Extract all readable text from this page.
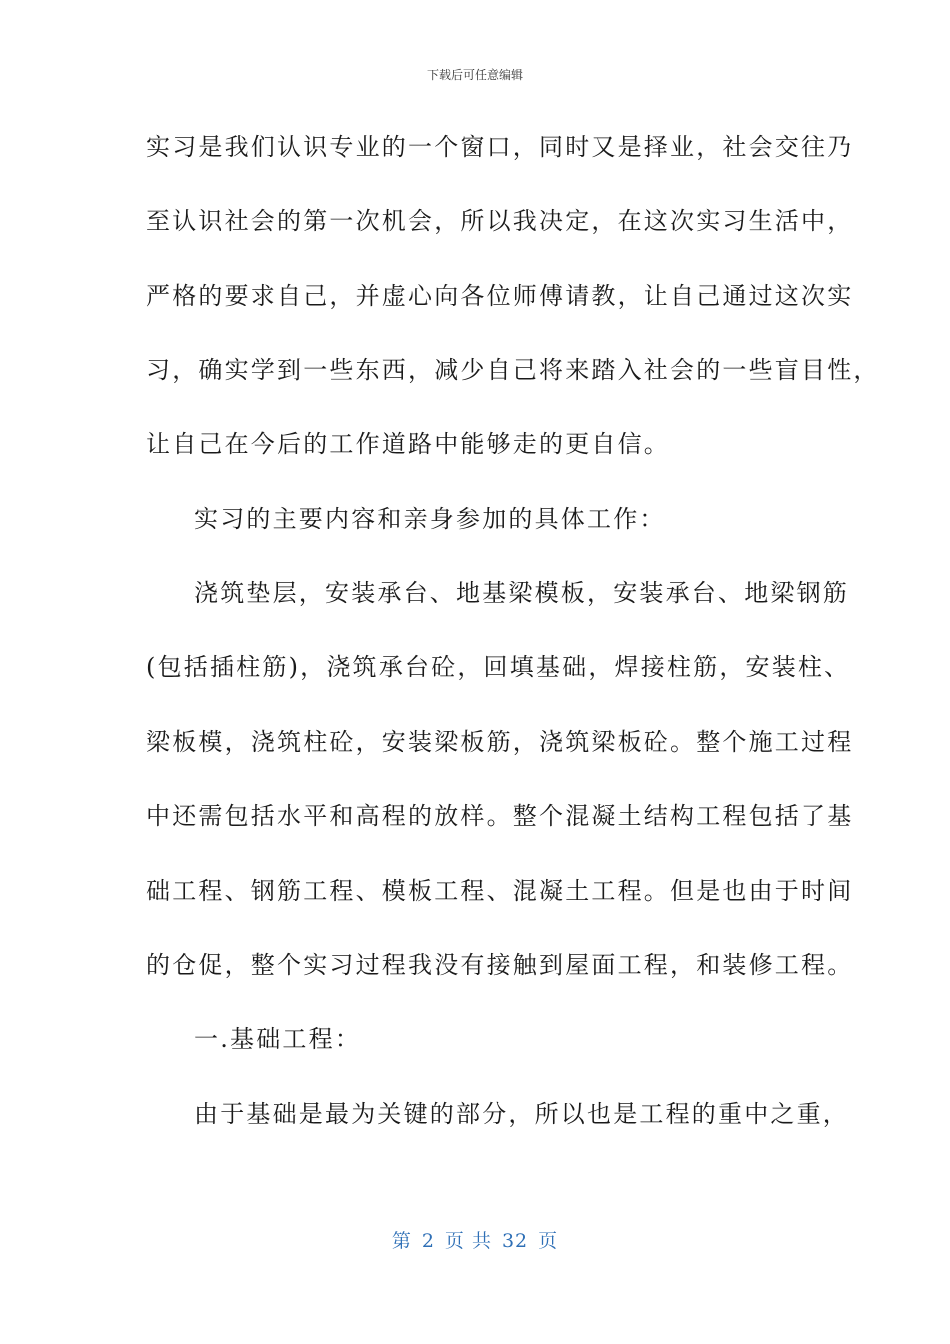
下载后可任意编辑
实习是我们认识专业的一个窗口，同时又是择业，社会交往乃
至认识社会的第一次机会，所以我决定，在这次实习生活中，
严格的要求自己，并虚心向各位师傅请教，让自己通过这次实
习，确实学到一些东西，减少自己将来踏入社会的一些盲目性，
让自己在今后的工作道路中能够走的更自信。
实习的主要内容和亲身参加的具体工作：
浇筑垫层，安装承台、地基梁模板，安装承台、地梁钢筋
(包括插柱筋)，浇筑承台砼，回填基础，焊接柱筋，安装柱、
梁板模，浇筑柱砼，安装梁板筋，浇筑梁板砼。整个施工过程
中还需包括水平和高程的放样。整个混凝土结构工程包括了基
础工程、钢筋工程、模板工程、混凝土工程。但是也由于时间
的仓促，整个实习过程我没有接触到屋面工程，和装修工程。
一.基础工程：
由于基础是最为关键的部分，所以也是工程的重中之重，
第 2 页 共 32 页
